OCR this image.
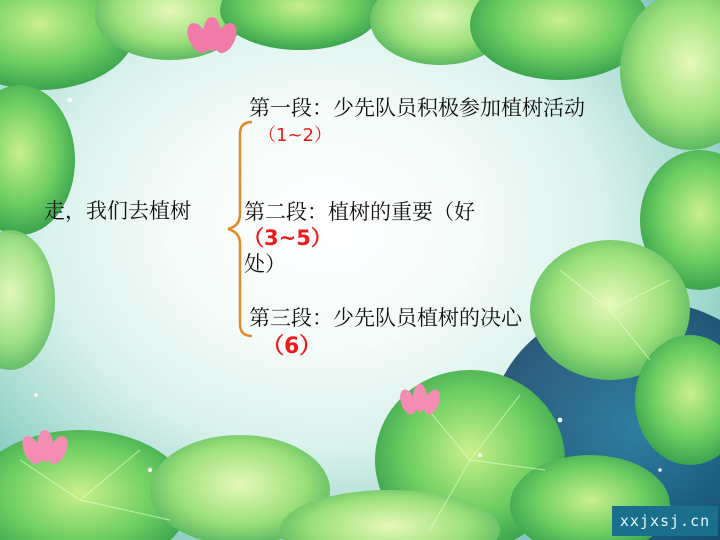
走，我们去植树
第一段：少先队员积极参加植树活动
（1~2）
第二段：植树的重要（好
（3~5）
处）
第三段：少先队员植树的决心
（6）
xxjxsj.cn
